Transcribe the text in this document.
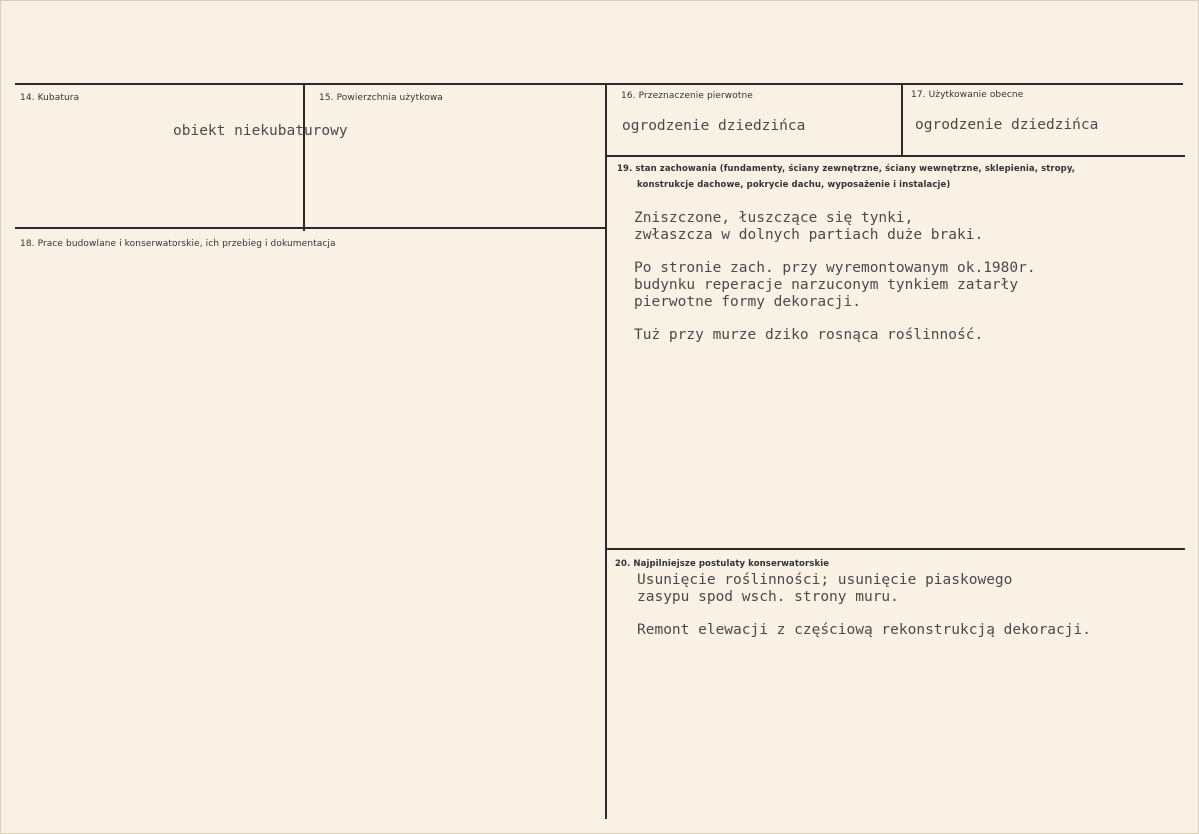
14. Kubatura
obiekt niekubaturowy
15. Powierzchnia użytkowa	16. Przeznaczenie pierwotne
ogrodzenie dziedzińca
17. Użytkowanie obecne
ogrodzenie dziedzińca
18. Prace budowlane i konserwatorskie, ich przebieg i dokumentacja
19. stan zachowania (fundamenty, ściany zewnętrzne, ściany wewnętrzne, sklepienia, stropy,
konstrukcje dachowe, pokrycie dachu, wyposażenie i instalacje)
Zniszczone, łuszczące się tynki,
zwłaszcza w dolnych partiach duże braki.
Po stronie zach. przy wyremontowanym ok.1980r.
budynku reperacje narzuconym tynkiem zatarły
pierwotne formy dekoracji.
Tuż przy murze dziko rosnąca roślinność.
20. Najpilniejsze postulaty konserwatorskie
Usunięcie roślinności; usunięcie piaskowego
zasypu spod wsch. strony muru.
Remont elewacji z częściową rekonstrukcją dekoracji.
